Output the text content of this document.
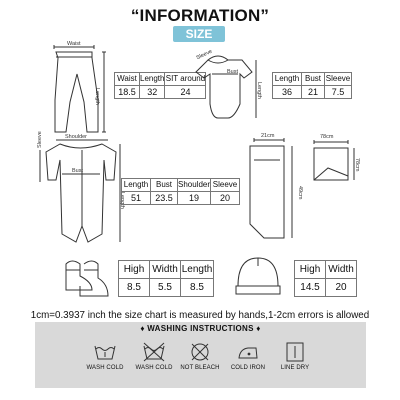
“INFORMATION”
SIZE
Waist
Length
Waist	Length	SIT around
18.5	32	24
Sleeve
Bust
Length
Length	Bust	Sleeve
36	21	7.5
Shoulder
Bust
Length
Sleeve
Length	Bust	Shoulder	Sleeve
51	23.5	19	20
21cm
49cm
78cm
78cm
High	Width	Length
8.5	5.5	8.5
High	Width
14.5	20
1cm=0.3937 inch the size chart is measured by hands,1-2cm errors is allowed
♦ WASHING INSTRUCTIONS ♦
WASH COLD	WASH COLD	NOT BLEACH	COLD IRON	LINE DRY
